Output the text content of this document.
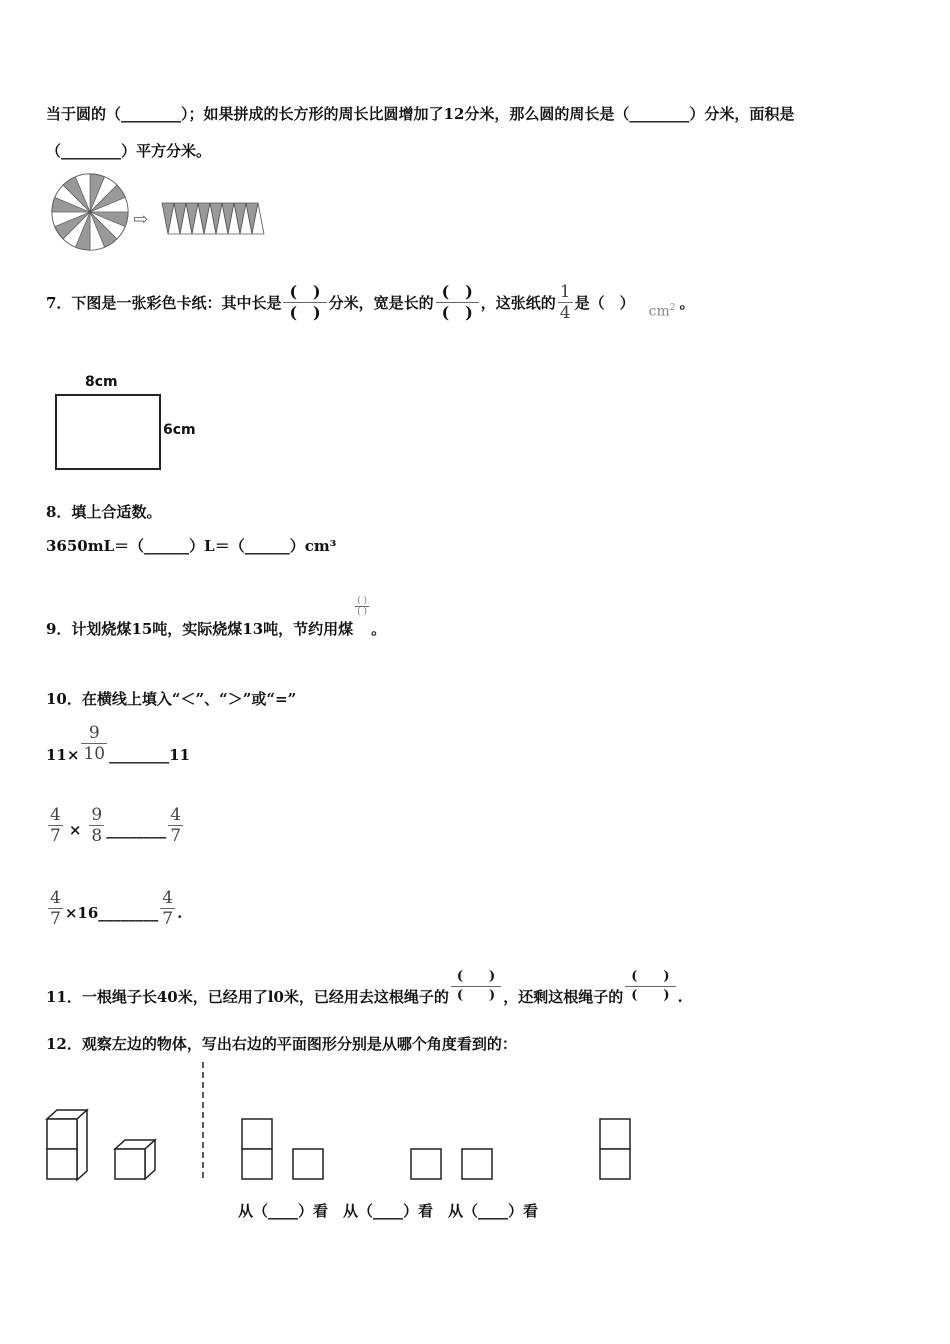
当于圆的（________）；如果拼成的长方形的周长比圆增加了12分米，那么圆的周长是（________）分米，面积是
（________）平方分米。
⇨
7．下图是一张彩色卡纸：其中长是 $\frac{( )}{( )}$ 分米，宽是长的 $\frac{( )}{( )}$ ，这张纸的 $\frac{1}{4}$ 是（　） $cm^2$ 。
8cm
6cm
8．填上合适数。
3650mL＝（______）L＝（______）cm³
9．计划烧煤15吨，实际烧煤13吨，节约用煤
$\frac{( )}{( )}$
。
10．在横线上填入“＜”、“＞”或“=”
$11\times \frac{9}{10}$ ________ 11
$\frac{4}{7} \times \frac{9}{8}$ ________ $\frac{4}{7}$
$\frac{4}{7}$ ×16________ $\frac{4}{7}$ .
11．一根绳子长40米，已经用了l0米，已经用去这根绳子的 $\frac{( )}{( )}$ ，还剩这根绳子的 $\frac{( )}{( )}$ .
12．观察左边的物体，写出右边的平面图形分别是从哪个角度看到的：
从（____）看　从（____）看　从（____）看
